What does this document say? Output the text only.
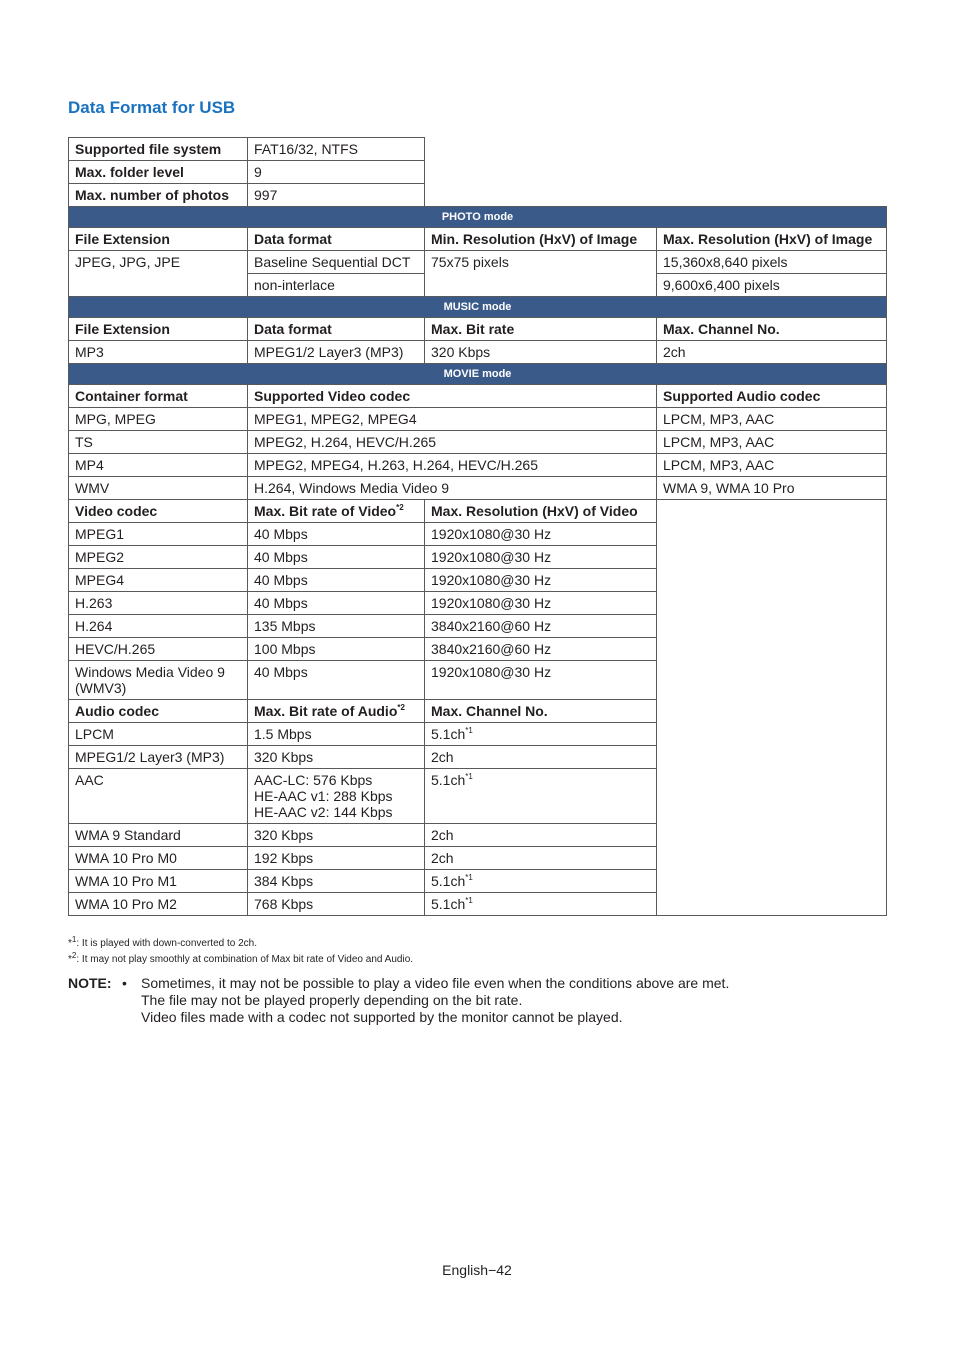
Data Format for USB
Supported file system	FAT16/32, NTFS		
Max. folder level	9		
Max. number of photos	997		
PHOTO mode			
File Extension	Data format	Min. Resolution (HxV) of Image	Max. Resolution (HxV) of Image
JPEG, JPG, JPE	Baseline Sequential DCT	75x75 pixels	15,360x8,640 pixels
	non-interlace		9,600x6,400 pixels
MUSIC mode			
File Extension	Data format	Max. Bit rate	Max. Channel No.
MP3	MPEG1/2 Layer3 (MP3)	320 Kbps	2ch
MOVIE mode			
Container format	Supported Video codec		Supported Audio codec
MPG, MPEG	MPEG1, MPEG2, MPEG4		LPCM, MP3, AAC
TS	MPEG2, H.264, HEVC/H.265		LPCM, MP3, AAC
MP4	MPEG2, MPEG4, H.263, H.264, HEVC/H.265		LPCM, MP3, AAC
WMV	H.264, Windows Media Video 9		WMA 9, WMA 10 Pro
Video codec	Max. Bit rate of Video$^{*2}$	Max. Resolution (HxV) of Video	
MPEG1	40 Mbps	1920x1080@30 Hz	
MPEG2	40 Mbps	1920x1080@30 Hz	
MPEG4	40 Mbps	1920x1080@30 Hz	
H.263	40 Mbps	1920x1080@30 Hz	
H.264	135 Mbps	3840x2160@60 Hz	
HEVC/H.265	100 Mbps	3840x2160@60 Hz	
Windows Media Video 9 (WMV3)	40 Mbps	1920x1080@30 Hz	
Audio codec	Max. Bit rate of Audio$^{*2}$	Max. Channel No.	
LPCM	1.5 Mbps	$5.1ch^{*1}$
MPEG1/2 Layer3 (MP3)	320 Kbps	2ch	
AAC	AAC-LC: 576 Kbps
HE-AAC v1: 288 Kbps
HE-AAC v2: 144 Kbps	$5.1ch^{*1}$
WMA 9 Standard	320 Kbps	2ch	
WMA 10 Pro M0	192 Kbps	2ch	
WMA 10 Pro M1	384 Kbps	$5.1ch^{*1}$
WMA 10 Pro M2	768 Kbps	$5.1ch^{*1}$
*$^1$: It is played with down-converted to 2ch.
*$^2$: It may not play smoothly at combination of Max bit rate of Video and Audio.
NOTE: • Sometimes, it may not be possible to play a video file even when the conditions above are met.
The file may not be played properly depending on the bit rate.
Video files made with a codec not supported by the monitor cannot be played.
English−42
